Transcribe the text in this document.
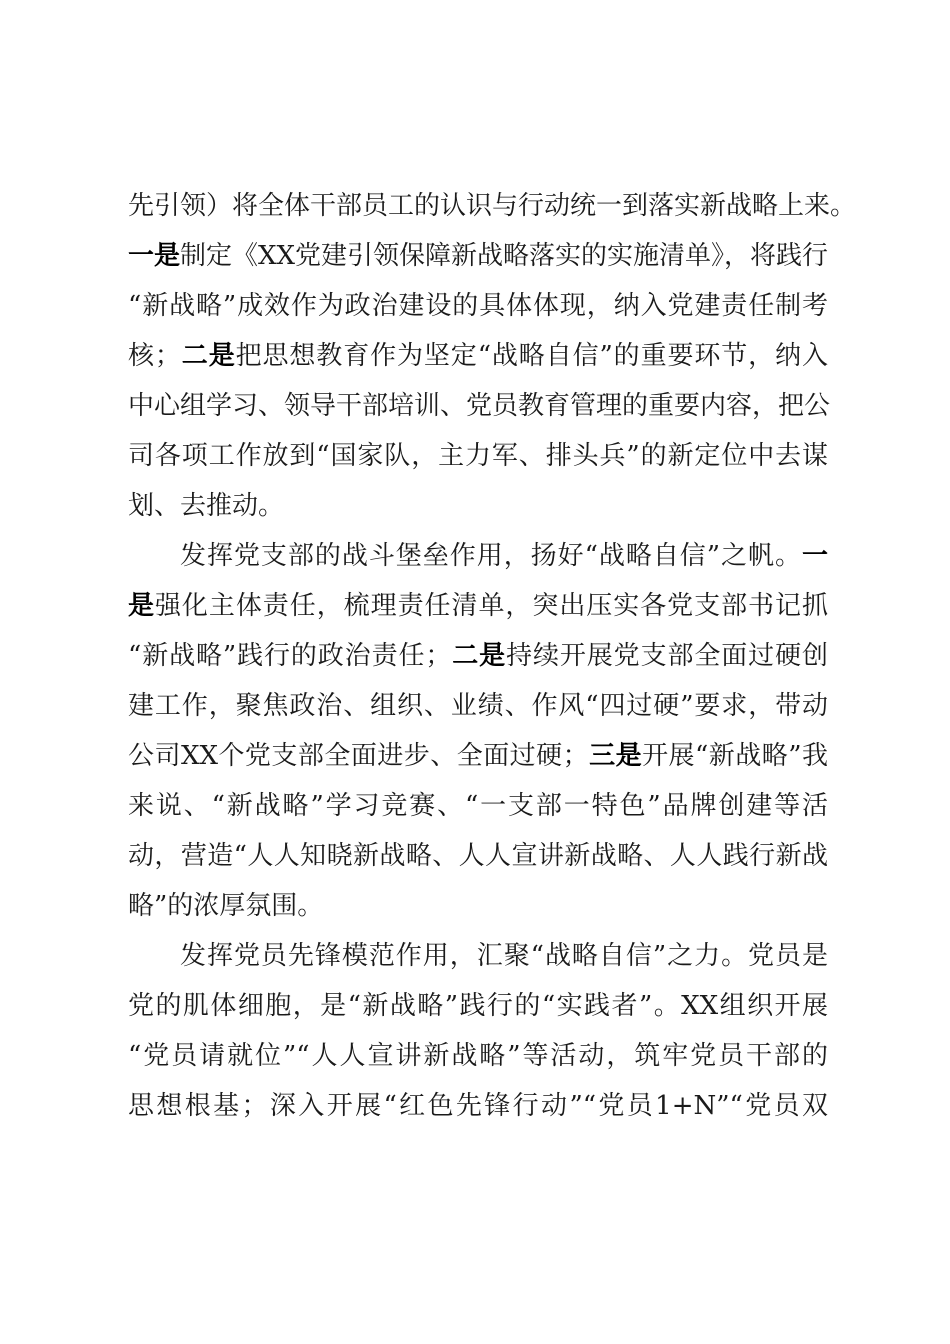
先引领）将全体干部员工的认识与行动统一到落实新战略上来。
一是制定《XX党建引领保障新战略落实的实施清单》，将践行
“新战略”成效作为政治建设的具体体现，纳入党建责任制考
核；二是把思想教育作为坚定“战略自信”的重要环节，纳入
中心组学习、领导干部培训、党员教育管理的重要内容，把公
司各项工作放到“国家队，主力军、排头兵”的新定位中去谋
划、去推动。
发挥党支部的战斗堡垒作用，扬好“战略自信”之帆。一
是强化主体责任，梳理责任清单，突出压实各党支部书记抓
“新战略”践行的政治责任；二是持续开展党支部全面过硬创
建工作，聚焦政治、组织、业绩、作风“四过硬”要求，带动
公司XX个党支部全面进步、全面过硬；三是开展“新战略”我
来说、“新战略”学习竞赛、“一支部一特色”品牌创建等活
动，营造“人人知晓新战略、人人宣讲新战略、人人践行新战
略”的浓厚氛围。
发挥党员先锋模范作用，汇聚“战略自信”之力。党员是
党的肌体细胞，是“新战略”践行的“实践者”。XX组织开展
“党员请就位”“人人宣讲新战略”等活动，筑牢党员干部的
思想根基；深入开展“红色先锋行动”“党员1+N”“党员双
